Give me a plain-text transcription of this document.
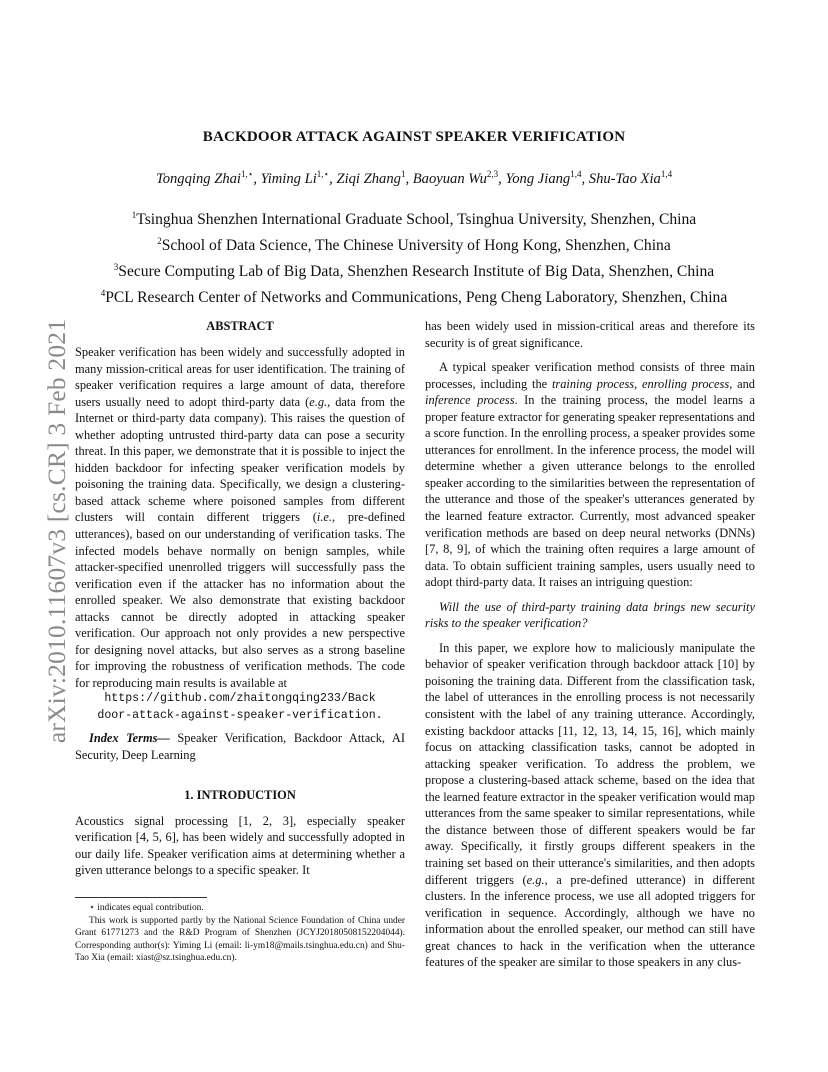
arXiv:2010.11607v3 [cs.CR] 3 Feb 2021
BACKDOOR ATTACK AGAINST SPEAKER VERIFICATION
Tongqing Zhai$^{1,⋆}$, Yiming $Li^{1,⋆}$, Ziqi Zhang$^1$, Baoyuan Wu$^{2,3}$, Yong Jiang$^{1,4}$, Shu-Tao Xia$^{1,4}$
$^1$Tsinghua Shenzhen International Graduate School, Tsinghua University, Shenzhen, China
$^2$School of Data Science, The Chinese University of Hong Kong, Shenzhen, China
$^3$Secure Computing Lab of Big Data, Shenzhen Research Institute of Big Data, Shenzhen, China
$^4$PCL Research Center of Networks and Communications, Peng Cheng Laboratory, Shenzhen, China
ABSTRACT

Speaker verification has been widely and successfully adopted in many mission-critical areas for user identification. The training of speaker verification requires a large amount of data, therefore users usually need to adopt third-party data (e.g., data from the Internet or third-party data company). This raises the question of whether adopting untrusted third-party data can pose a security threat. In this paper, we demonstrate that it is possible to inject the hidden backdoor for infecting speaker verification models by poisoning the training data. Specifically, we design a clustering-based attack scheme where poisoned samples from different clusters will contain different triggers (i.e., pre-defined utterances), based on our understanding of verification tasks. The infected models behave normally on benign samples, while attacker-specified unenrolled triggers will successfully pass the verification even if the attacker has no information about the enrolled speaker. We also demonstrate that existing backdoor attacks cannot be directly adopted in attacking speaker verification. Our approach not only provides a new perspective for designing novel attacks, but also serves as a strong baseline for improving the robustness of verification methods. The code for reproducing main results is available at

https://github.com/zhaitongqing233/Back
door-attack-against-speaker-verification.

Index Terms— Speaker Verification, Backdoor Attack, AI Security, Deep Learning

1. INTRODUCTION

Acoustics signal processing [1, 2, 3], especially speaker verification [4, 5, 6], has been widely and successfully adopted in our daily life. Speaker verification aims at determining whether a given utterance belongs to a specific speaker. It

⋆ indicates equal contribution.

This work is supported partly by the National Science Foundation of China under Grant 61771273 and the R&D Program of Shenzhen (JCYJ20180508152204044). Corresponding author(s): Yiming Li (email: li-ym18@mails.tsinghua.edu.cn) and Shu-Tao Xia (email: xiast@sz.tsinghua.edu.cn).

has been widely used in mission-critical areas and therefore its security is of great significance.

A typical speaker verification method consists of three main processes, including the training process, enrolling process, and inference process. In the training process, the model learns a proper feature extractor for generating speaker representations and a score function. In the enrolling process, a speaker provides some utterances for enrollment. In the inference process, the model will determine whether a given utterance belongs to the enrolled speaker according to the similarities between the representation of the utterance and those of the speaker's utterances generated by the learned feature extractor. Currently, most advanced speaker verification methods are based on deep neural networks (DNNs) [7, 8, 9], of which the training often requires a large amount of data. To obtain sufficient training samples, users usually need to adopt third-party data. It raises an intriguing question:

Will the use of third-party training data brings new security risks to the speaker verification?

In this paper, we explore how to maliciously manipulate the behavior of speaker verification through backdoor attack [10] by poisoning the training data. Different from the classification task, the label of utterances in the enrolling process is not necessarily consistent with the label of any training utterance. Accordingly, existing backdoor attacks [11, 12, 13, 14, 15, 16], which mainly focus on attacking classification tasks, cannot be adopted in attacking speaker verification. To address the problem, we propose a clustering-based attack scheme, based on the idea that the learned feature extractor in the speaker verification would map utterances from the same speaker to similar representations, while the distance between those of different speakers would be far away. Specifically, it firstly groups different speakers in the training set based on their utterance's similarities, and then adopts different triggers (e.g., a pre-defined utterance) in different clusters. In the inference process, we use all adopted triggers for verification in sequence. Accordingly, although we have no information about the enrolled speaker, our method can still have great chances to hack in the verification when the utterance features of the speaker are similar to those speakers in any clus-
